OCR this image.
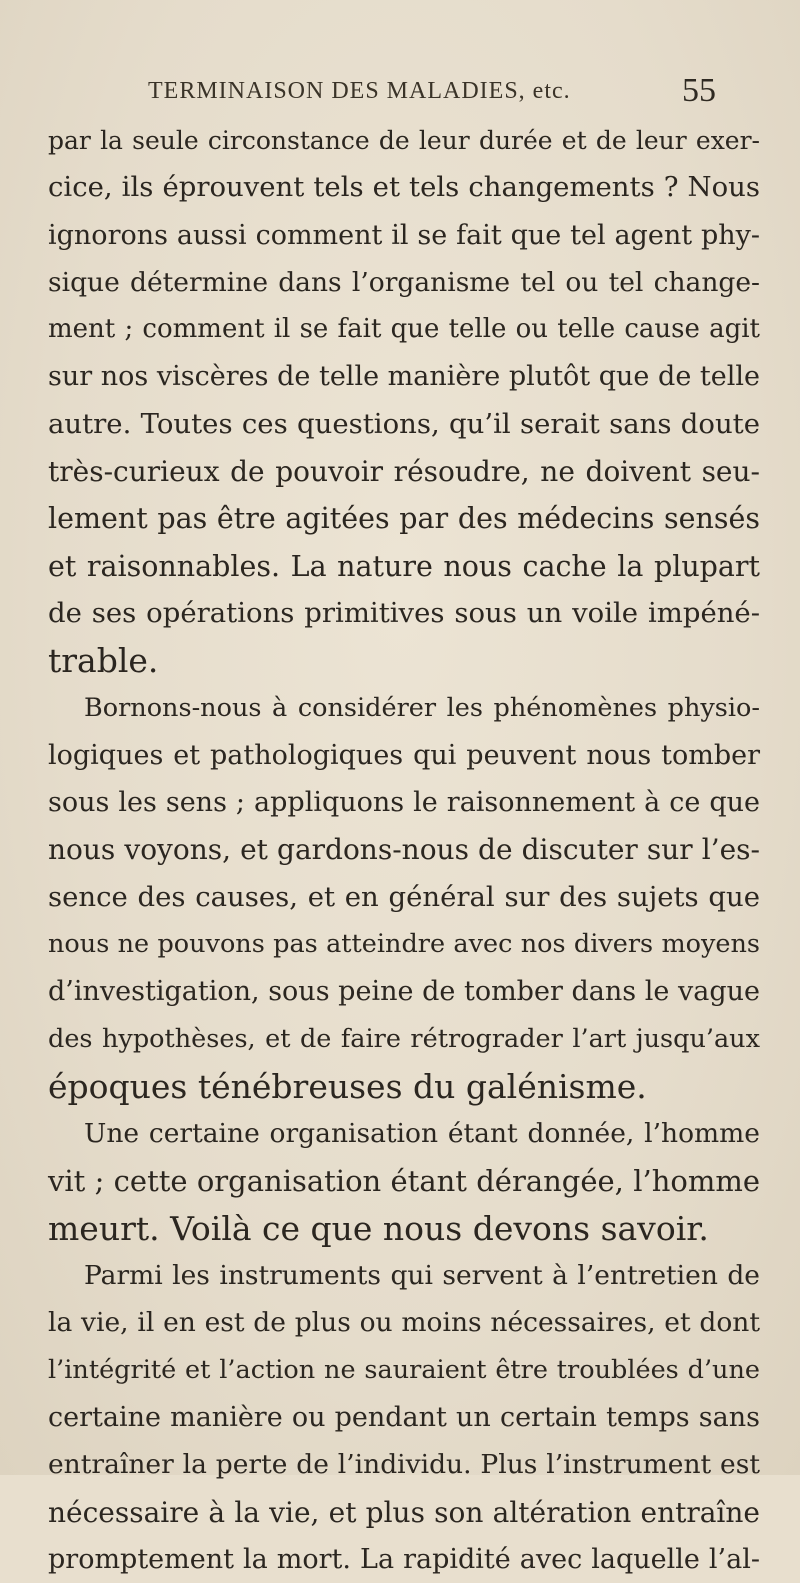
TERMINAISON DES MALADIES, etc.	55
par la seule circonstance de leur durée et de leur exer-
cice, ils éprouvent tels et tels changements ? Nous
ignorons aussi comment il se fait que tel agent phy-
sique détermine dans l’organisme tel ou tel change-
ment ; comment il se fait que telle ou telle cause agit
sur nos viscères de telle manière plutôt que de telle
autre. Toutes ces questions, qu’il serait sans doute
très-curieux de pouvoir résoudre, ne doivent seu-
lement pas être agitées par des médecins sensés
et raisonnables. La nature nous cache la plupart
de ses opérations primitives sous un voile impéné-
trable.
Bornons-nous à considérer les phénomènes physio-
logiques et pathologiques qui peuvent nous tomber
sous les sens ; appliquons le raisonnement à ce que
nous voyons, et gardons-nous de discuter sur l’es-
sence des causes, et en général sur des sujets que
nous ne pouvons pas atteindre avec nos divers moyens
d’investigation, sous peine de tomber dans le vague
des hypothèses, et de faire rétrograder l’art jusqu’aux
époques ténébreuses du galénisme.
Une certaine organisation étant donnée, l’homme
vit ; cette organisation étant dérangée, l’homme
meurt. Voilà ce que nous devons savoir.
Parmi les instruments qui servent à l’entretien de
la vie, il en est de plus ou moins nécessaires, et dont
l’intégrité et l’action ne sauraient être troublées d’une
certaine manière ou pendant un certain temps sans
entraîner la perte de l’individu. Plus l’instrument est
nécessaire à la vie, et plus son altération entraîne
promptement la mort. La rapidité avec laquelle l’al-
